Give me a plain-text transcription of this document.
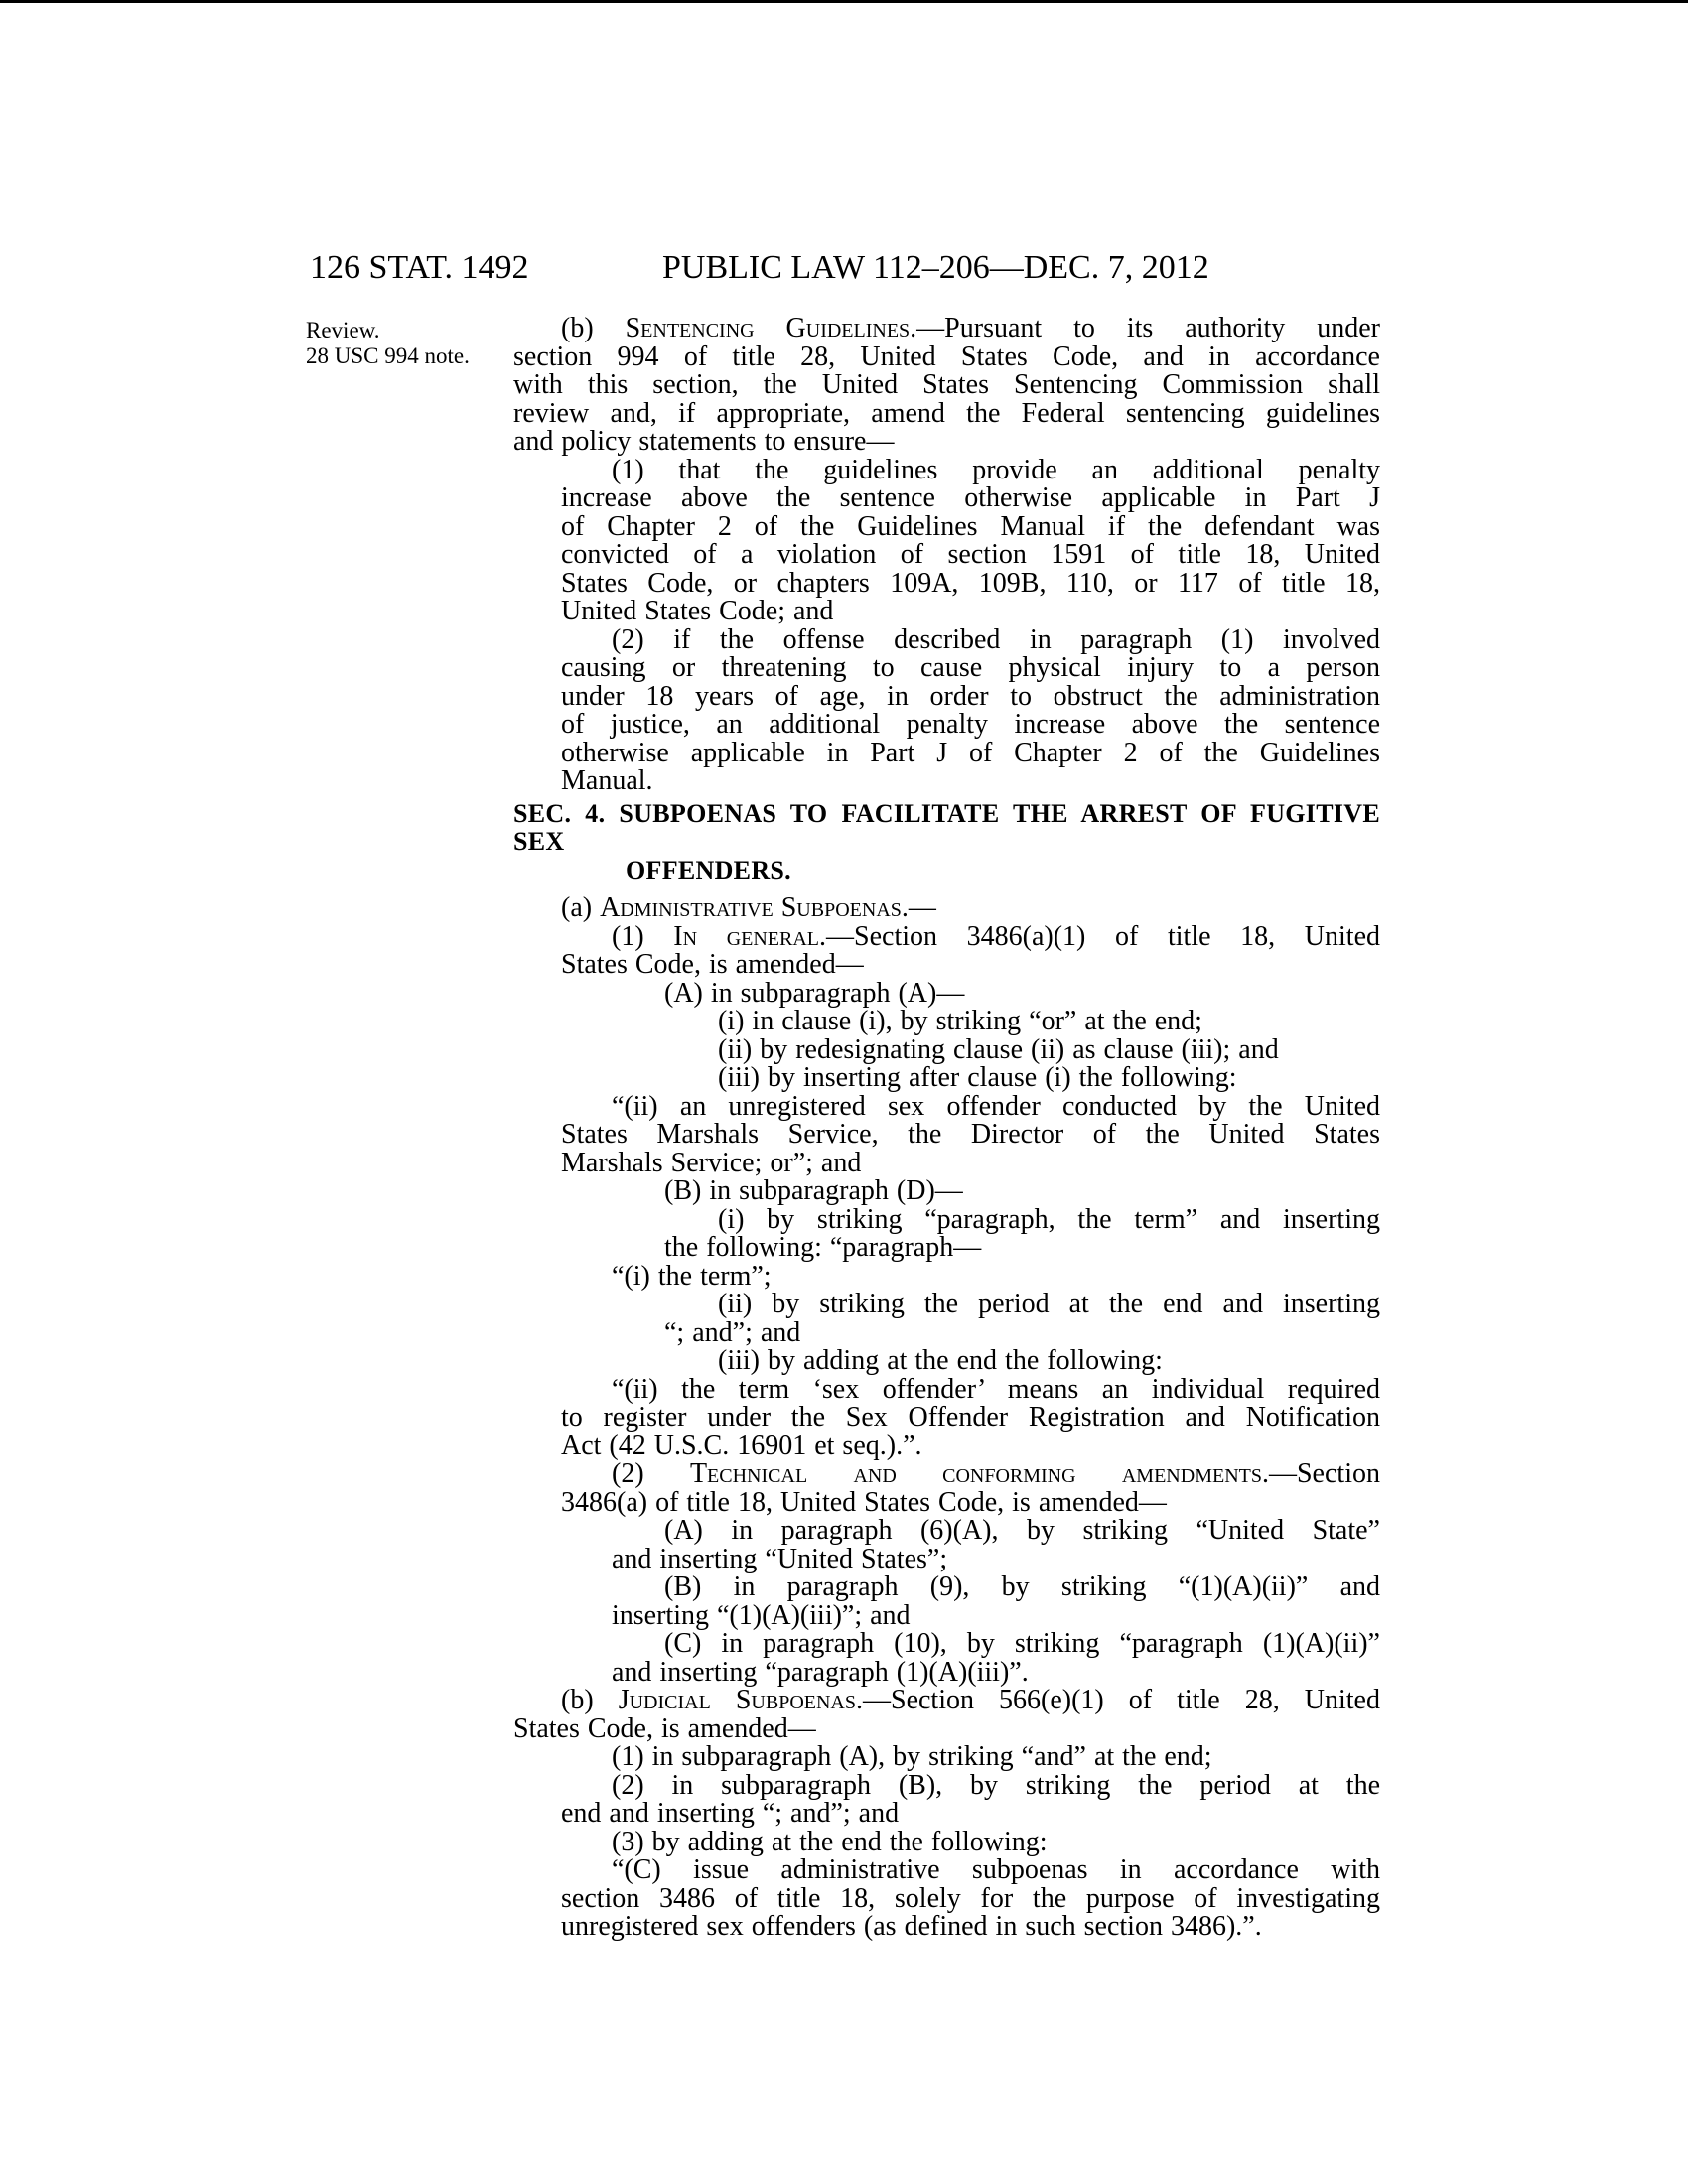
126 STAT. 1492	PUBLIC LAW 112–206—DEC. 7, 2012
Review.
28 USC 994 note.
(b) Sentencing Guidelines.—Pursuant to its authority under
section 994 of title 28, United States Code, and in accordance
with this section, the United States Sentencing Commission shall
review and, if appropriate, amend the Federal sentencing guidelines
and policy statements to ensure—
(1) that the guidelines provide an additional penalty
increase above the sentence otherwise applicable in Part J
of Chapter 2 of the Guidelines Manual if the defendant was
convicted of a violation of section 1591 of title 18, United
States Code, or chapters 109A, 109B, 110, or 117 of title 18,
United States Code; and
(2) if the offense described in paragraph (1) involved
causing or threatening to cause physical injury to a person
under 18 years of age, in order to obstruct the administration
of justice, an additional penalty increase above the sentence
otherwise applicable in Part J of Chapter 2 of the Guidelines
Manual.
SEC. 4. SUBPOENAS TO FACILITATE THE ARREST OF FUGITIVE SEX
OFFENDERS.
(a) Administrative Subpoenas.—
(1) In general.—Section 3486(a)(1) of title 18, United
States Code, is amended—
(A) in subparagraph (A)—
(i) in clause (i), by striking “or” at the end;
(ii) by redesignating clause (ii) as clause (iii); and
(iii) by inserting after clause (i) the following:
“(ii) an unregistered sex offender conducted by the United
States Marshals Service, the Director of the United States
Marshals Service; or”; and
(B) in subparagraph (D)—
(i) by striking “paragraph, the term” and inserting
the following: “paragraph—
“(i) the term”;
(ii) by striking the period at the end and inserting
“; and”; and
(iii) by adding at the end the following:
“(ii) the term ‘sex offender’ means an individual required
to register under the Sex Offender Registration and Notification
Act (42 U.S.C. 16901 et seq.).”.
(2) Technical and conforming amendments.—Section
3486(a) of title 18, United States Code, is amended—
(A) in paragraph (6)(A), by striking “United State”
and inserting “United States”;
(B) in paragraph (9), by striking “(1)(A)(ii)” and
inserting “(1)(A)(iii)”; and
(C) in paragraph (10), by striking “paragraph (1)(A)(ii)”
and inserting “paragraph (1)(A)(iii)”.
(b) Judicial Subpoenas.—Section 566(e)(1) of title 28, United
States Code, is amended—
(1) in subparagraph (A), by striking “and” at the end;
(2) in subparagraph (B), by striking the period at the
end and inserting “; and”; and
(3) by adding at the end the following:
“(C) issue administrative subpoenas in accordance with
section 3486 of title 18, solely for the purpose of investigating
unregistered sex offenders (as defined in such section 3486).”.
